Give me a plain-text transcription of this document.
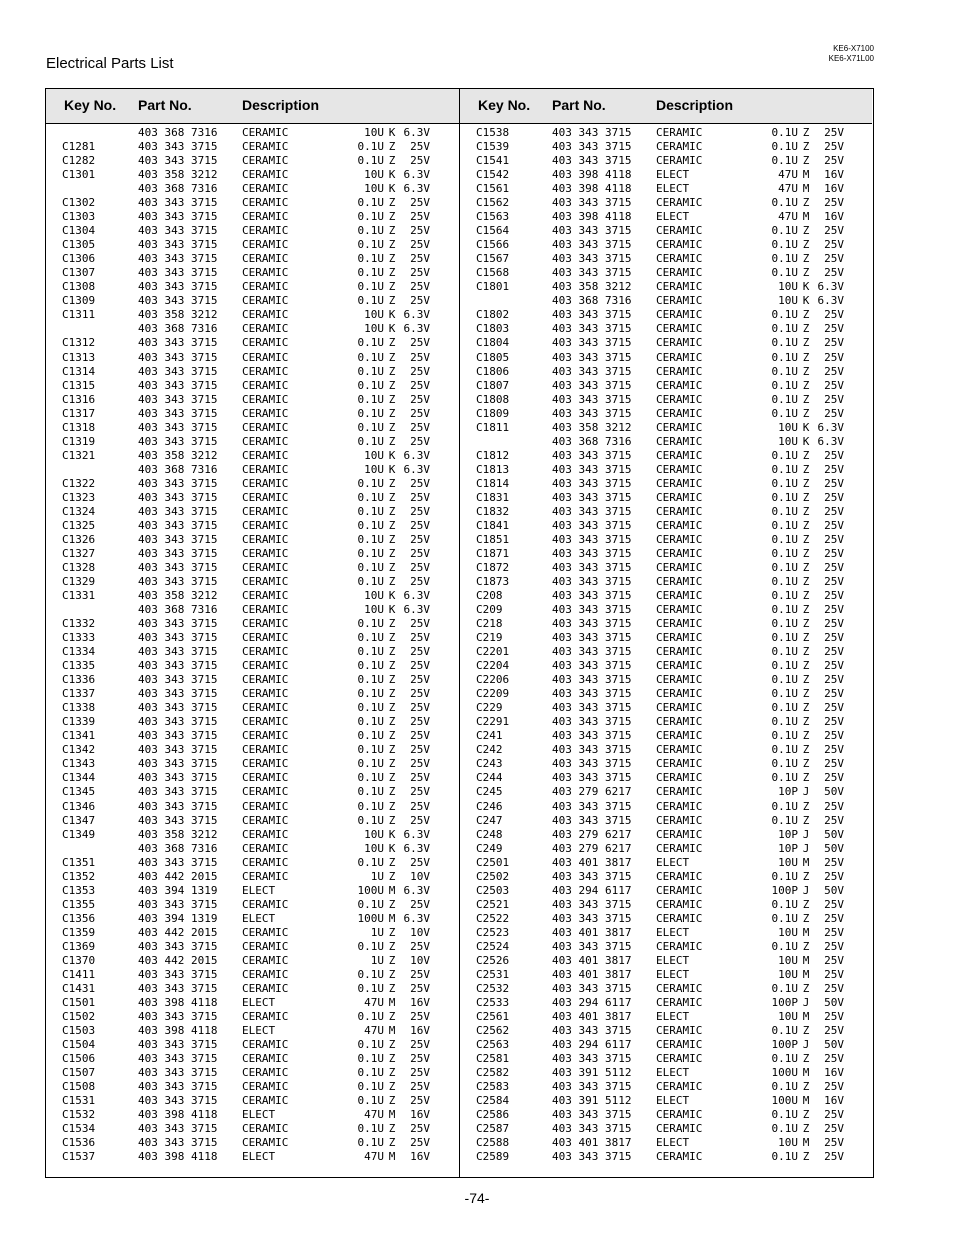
Electrical Parts List
KE6-X7100
KE6-X71L00
Key No. Part No.	Description	Key No. Part No.	Description
403 368 7316 CERAMIC	10U K 6.3V
C1281	403 343 3715 CERAMIC	0.1U Z	25V
C1282	403 343 3715 CERAMIC	0.1U Z	25V
C1301	403 358 3212 CERAMIC	10U K 6.3V
403 368 7316 CERAMIC	10U K 6.3V
C1302	403 343 3715 CERAMIC	0.1U Z	25V
C1303	403 343 3715 CERAMIC	0.1U Z	25V
C1304	403 343 3715 CERAMIC	0.1U Z	25V
C1305	403 343 3715 CERAMIC	0.1U Z	25V
C1306	403 343 3715 CERAMIC	0.1U Z	25V
C1307	403 343 3715 CERAMIC	0.1U Z	25V
C1308	403 343 3715 CERAMIC	0.1U Z	25V
C1309	403 343 3715 CERAMIC	0.1U Z	25V
C1311	403 358 3212 CERAMIC	10U K 6.3V
403 368 7316 CERAMIC	10U K 6.3V
C1312	403 343 3715 CERAMIC	0.1U Z	25V
C1313	403 343 3715 CERAMIC	0.1U Z	25V
C1314	403 343 3715 CERAMIC	0.1U Z	25V
C1315	403 343 3715 CERAMIC	0.1U Z	25V
C1316	403 343 3715 CERAMIC	0.1U Z	25V
C1317	403 343 3715 CERAMIC	0.1U Z	25V
C1318	403 343 3715 CERAMIC	0.1U Z	25V
C1319	403 343 3715 CERAMIC	0.1U Z	25V
C1321	403 358 3212 CERAMIC	10U K 6.3V
403 368 7316 CERAMIC	10U K 6.3V
C1322	403 343 3715 CERAMIC	0.1U Z	25V
C1323	403 343 3715 CERAMIC	0.1U Z	25V
C1324	403 343 3715 CERAMIC	0.1U Z	25V
C1325	403 343 3715 CERAMIC	0.1U Z	25V
C1326	403 343 3715 CERAMIC	0.1U Z	25V
C1327	403 343 3715 CERAMIC	0.1U Z	25V
C1328	403 343 3715 CERAMIC	0.1U Z	25V
C1329	403 343 3715 CERAMIC	0.1U Z	25V
C1331	403 358 3212 CERAMIC	10U K 6.3V
403 368 7316 CERAMIC	10U K 6.3V
C1332	403 343 3715 CERAMIC	0.1U Z	25V
C1333	403 343 3715 CERAMIC	0.1U Z	25V
C1334	403 343 3715 CERAMIC	0.1U Z	25V
C1335	403 343 3715 CERAMIC	0.1U Z	25V
C1336	403 343 3715 CERAMIC	0.1U Z	25V
C1337	403 343 3715 CERAMIC	0.1U Z	25V
C1338	403 343 3715 CERAMIC	0.1U Z	25V
C1339	403 343 3715 CERAMIC	0.1U Z	25V
C1341	403 343 3715 CERAMIC	0.1U Z	25V
C1342	403 343 3715 CERAMIC	0.1U Z	25V
C1343	403 343 3715 CERAMIC	0.1U Z	25V
C1344	403 343 3715 CERAMIC	0.1U Z	25V
C1345	403 343 3715 CERAMIC	0.1U Z	25V
C1346	403 343 3715 CERAMIC	0.1U Z	25V
C1347	403 343 3715 CERAMIC	0.1U Z	25V
C1349	403 358 3212 CERAMIC	10U K 6.3V
403 368 7316 CERAMIC	10U K 6.3V
C1351	403 343 3715 CERAMIC	0.1U Z	25V
C1352	403 442 2015 CERAMIC	1U Z	10V
C1353	403 394 1319 ELECT	100U M 6.3V
C1355	403 343 3715 CERAMIC	0.1U Z	25V
C1356	403 394 1319 ELECT	100U M 6.3V
C1359	403 442 2015 CERAMIC	1U Z	10V
C1369	403 343 3715 CERAMIC	0.1U Z	25V
C1370	403 442 2015 CERAMIC	1U Z	10V
C1411	403 343 3715 CERAMIC	0.1U Z	25V
C1431	403 343 3715 CERAMIC	0.1U Z	25V
C1501	403 398 4118 ELECT	47U M	16V
C1502	403 343 3715 CERAMIC	0.1U Z	25V
C1503	403 398 4118 ELECT	47U M	16V
C1504	403 343 3715 CERAMIC	0.1U Z	25V
C1506	403 343 3715 CERAMIC	0.1U Z	25V
C1507	403 343 3715 CERAMIC	0.1U Z	25V
C1508	403 343 3715 CERAMIC	0.1U Z	25V
C1531	403 343 3715 CERAMIC	0.1U Z	25V
C1532	403 398 4118 ELECT	47U M	16V
C1534	403 343 3715 CERAMIC	0.1U Z	25V
C1536	403 343 3715 CERAMIC	0.1U Z	25V
C1537	403 398 4118 ELECT	47U M	16V
C1538	403 343 3715 CERAMIC	0.1U Z	25V
C1539	403 343 3715 CERAMIC	0.1U Z	25V
C1541	403 343 3715 CERAMIC	0.1U Z	25V
C1542	403 398 4118 ELECT	47U M	16V
C1561	403 398 4118 ELECT	47U M	16V
C1562	403 343 3715 CERAMIC	0.1U Z	25V
C1563	403 398 4118 ELECT	47U M	16V
C1564	403 343 3715 CERAMIC	0.1U Z	25V
C1566	403 343 3715 CERAMIC	0.1U Z	25V
C1567	403 343 3715 CERAMIC	0.1U Z	25V
C1568	403 343 3715 CERAMIC	0.1U Z	25V
C1801	403 358 3212 CERAMIC	10U K 6.3V
403 368 7316 CERAMIC	10U K 6.3V
C1802	403 343 3715 CERAMIC	0.1U Z	25V
C1803	403 343 3715 CERAMIC	0.1U Z	25V
C1804	403 343 3715 CERAMIC	0.1U Z	25V
C1805	403 343 3715 CERAMIC	0.1U Z	25V
C1806	403 343 3715 CERAMIC	0.1U Z	25V
C1807	403 343 3715 CERAMIC	0.1U Z	25V
C1808	403 343 3715 CERAMIC	0.1U Z	25V
C1809	403 343 3715 CERAMIC	0.1U Z	25V
C1811	403 358 3212 CERAMIC	10U K 6.3V
403 368 7316 CERAMIC	10U K 6.3V
C1812	403 343 3715 CERAMIC	0.1U Z	25V
C1813	403 343 3715 CERAMIC	0.1U Z	25V
C1814	403 343 3715 CERAMIC	0.1U Z	25V
C1831	403 343 3715 CERAMIC	0.1U Z	25V
C1832	403 343 3715 CERAMIC	0.1U Z	25V
C1841	403 343 3715 CERAMIC	0.1U Z	25V
C1851	403 343 3715 CERAMIC	0.1U Z	25V
C1871	403 343 3715 CERAMIC	0.1U Z	25V
C1872	403 343 3715 CERAMIC	0.1U Z	25V
C1873	403 343 3715 CERAMIC	0.1U Z	25V
C208	403 343 3715 CERAMIC	0.1U Z	25V
C209	403 343 3715 CERAMIC	0.1U Z	25V
C218	403 343 3715 CERAMIC	0.1U Z	25V
C219	403 343 3715 CERAMIC	0.1U Z	25V
C2201	403 343 3715 CERAMIC	0.1U Z	25V
C2204	403 343 3715 CERAMIC	0.1U Z	25V
C2206	403 343 3715 CERAMIC	0.1U Z	25V
C2209	403 343 3715 CERAMIC	0.1U Z	25V
C229	403 343 3715 CERAMIC	0.1U Z	25V
C2291	403 343 3715 CERAMIC	0.1U Z	25V
C241	403 343 3715 CERAMIC	0.1U Z	25V
C242	403 343 3715 CERAMIC	0.1U Z	25V
C243	403 343 3715 CERAMIC	0.1U Z	25V
C244	403 343 3715 CERAMIC	0.1U Z	25V
C245	403 279 6217 CERAMIC	10P J	50V
C246	403 343 3715 CERAMIC	0.1U Z	25V
C247	403 343 3715 CERAMIC	0.1U Z	25V
C248	403 279 6217 CERAMIC	10P J	50V
C249	403 279 6217 CERAMIC	10P J	50V
C2501	403 401 3817 ELECT	10U M	25V
C2502	403 343 3715 CERAMIC	0.1U Z	25V
C2503	403 294 6117 CERAMIC	100P J	50V
C2521	403 343 3715 CERAMIC	0.1U Z	25V
C2522	403 343 3715 CERAMIC	0.1U Z	25V
C2523	403 401 3817 ELECT	10U M	25V
C2524	403 343 3715 CERAMIC	0.1U Z	25V
C2526	403 401 3817 ELECT	10U M	25V
C2531	403 401 3817 ELECT	10U M	25V
C2532	403 343 3715 CERAMIC	0.1U Z	25V
C2533	403 294 6117 CERAMIC	100P J	50V
C2561	403 401 3817 ELECT	10U M	25V
C2562	403 343 3715 CERAMIC	0.1U Z	25V
C2563	403 294 6117 CERAMIC	100P J	50V
C2581	403 343 3715 CERAMIC	0.1U Z	25V
C2582	403 391 5112 ELECT	100U M	16V
C2583	403 343 3715 CERAMIC	0.1U Z	25V
C2584	403 391 5112 ELECT	100U M	16V
C2586	403 343 3715 CERAMIC	0.1U Z	25V
C2587	403 343 3715 CERAMIC	0.1U Z	25V
C2588	403 401 3817 ELECT	10U M	25V
C2589	403 343 3715 CERAMIC	0.1U Z	25V
-74-
